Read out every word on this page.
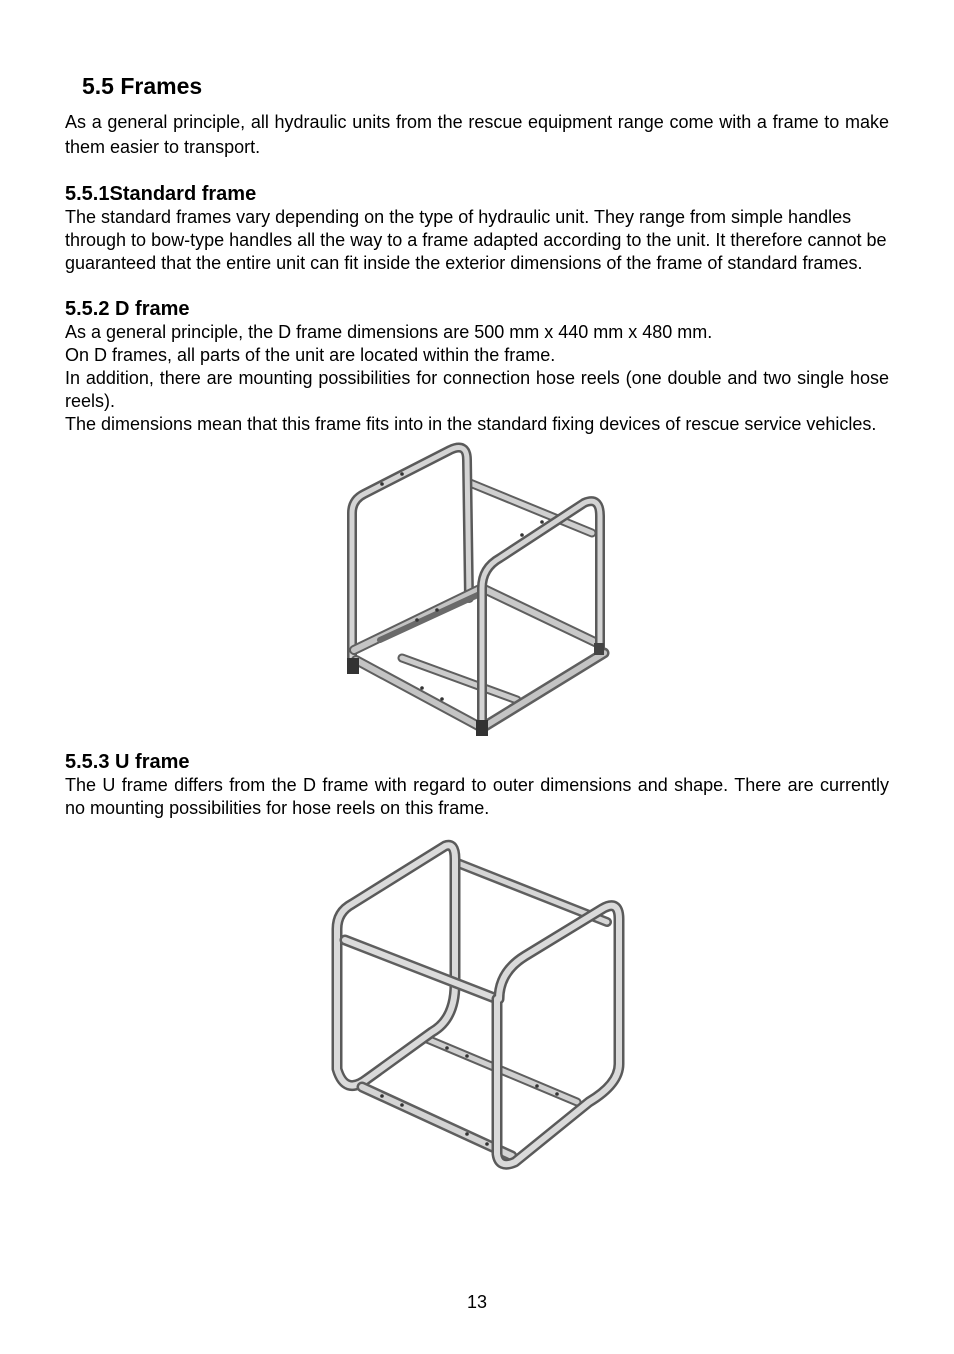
5.5 Frames

As a general principle, all hydraulic units from the rescue equipment range come with a frame to make them easier to transport.

5.5.1Standard frame

The standard frames vary depending on the type of hydraulic unit. They range from simple handles through to bow-type handles all the way to a frame adapted according to the unit. It therefore cannot be guaranteed that the entire unit can fit inside the exterior dimensions of the frame of standard frames.

5.5.2 D frame

As a general principle, the D frame dimensions are 500 mm x 440 mm x 480 mm.

On D frames, all parts of the unit are located within the frame.

In addition, there are mounting possibilities for connection hose reels (one double and two single hose reels).

The dimensions mean that this frame fits into in the standard fixing devices of rescue service vehicles.

5.5.3 U frame

The U frame differs from the D frame with regard to outer dimensions and shape. There are currently no mounting possibilities for hose reels on this frame.

13
